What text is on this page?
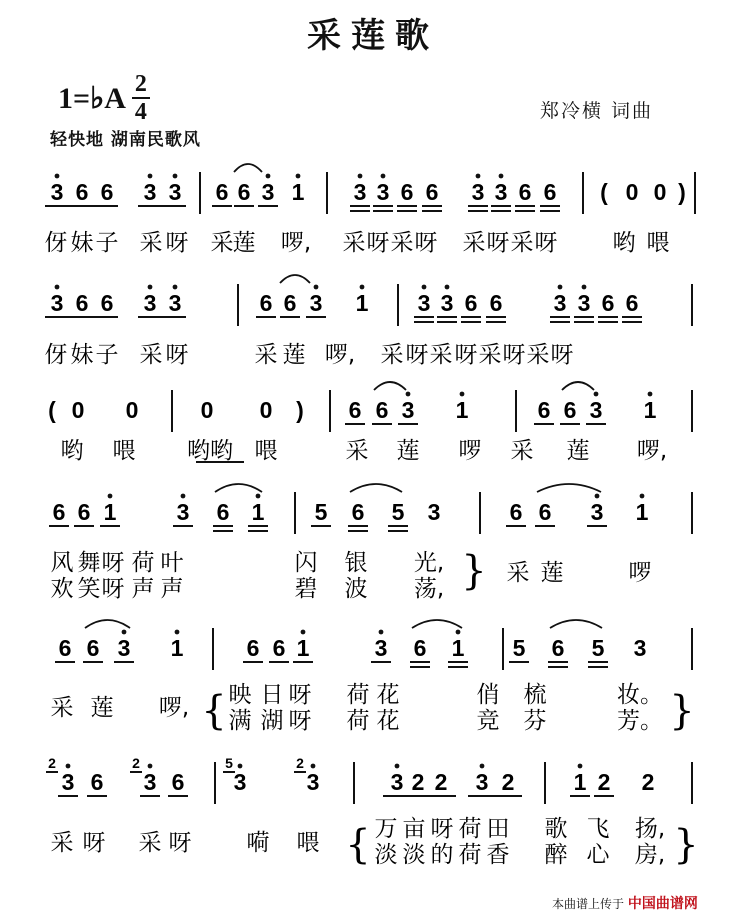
采莲歌
1=♭A 2
4	郑冷横 词曲
轻快地 湖南民歌风
3 6 6 3 3 6 6 3 1 3 3 6 6 3 3 6 6 ( 0 0 )
伢 妹 子 采 呀 采 莲 啰, 采 呀 采 呀 采 呀 采 呀 哟 喂
3 6 6 3 3	6 6 3 1 3 3 6 6 3 3 6 6
伢 妹 子 采 呀	采 莲 啰, 采 呀 采 呀 采 呀 采 呀
( 0 0	0 0 ) 6 6 3 1	6 6 3 1
哟 喂 哟哟 喂	采 莲 啰 采 莲 啰,
6 6 1	3 6 1 5 6 5 3	6 6 3 1
风 舞 呀 荷 叶	闪 银 光,
欢 笑 呀 声 声	碧 波 荡, } 采 莲	啰
6 6 3 1	6 6 1	3 6 1 5 6 5 3
采 莲 啰, { 映 日 呀 荷 花	俏 梳	妆。
满 湖 呀 荷 花	竞 芬	芳。 }
3 6 3 6 3	3	3 2 2 3 2	1 2 2
2	2	5	2
采 呀 采 呀 嗬 喂 { 万 亩 呀 荷 田 歌 飞 扬,
淡 淡 的 荷 香 醉 心 房, }
本曲谱上传于 中国曲谱网
